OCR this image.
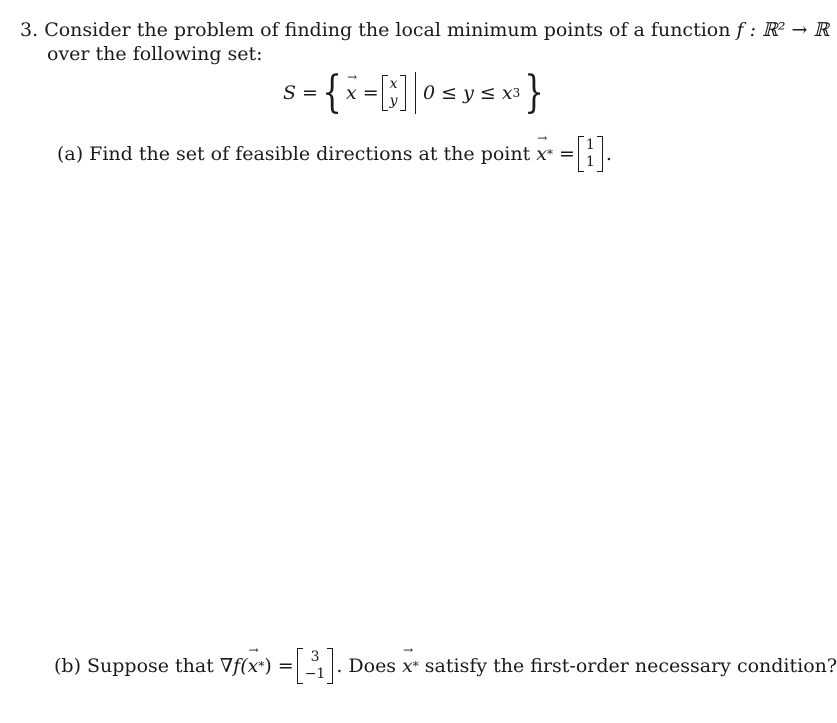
3. Consider the problem of finding the local minimum points of a function f : ℝ² → ℝ
over the following set:
S = { → x = x
y 0 ≤ y ≤ x 3 }
(a) Find the set of feasible directions at the point → x * = 1
1 .
(b) Suppose that ∇f( → x * ) = 3
−1 . Does → x * satisfy the first-order necessary condition?
